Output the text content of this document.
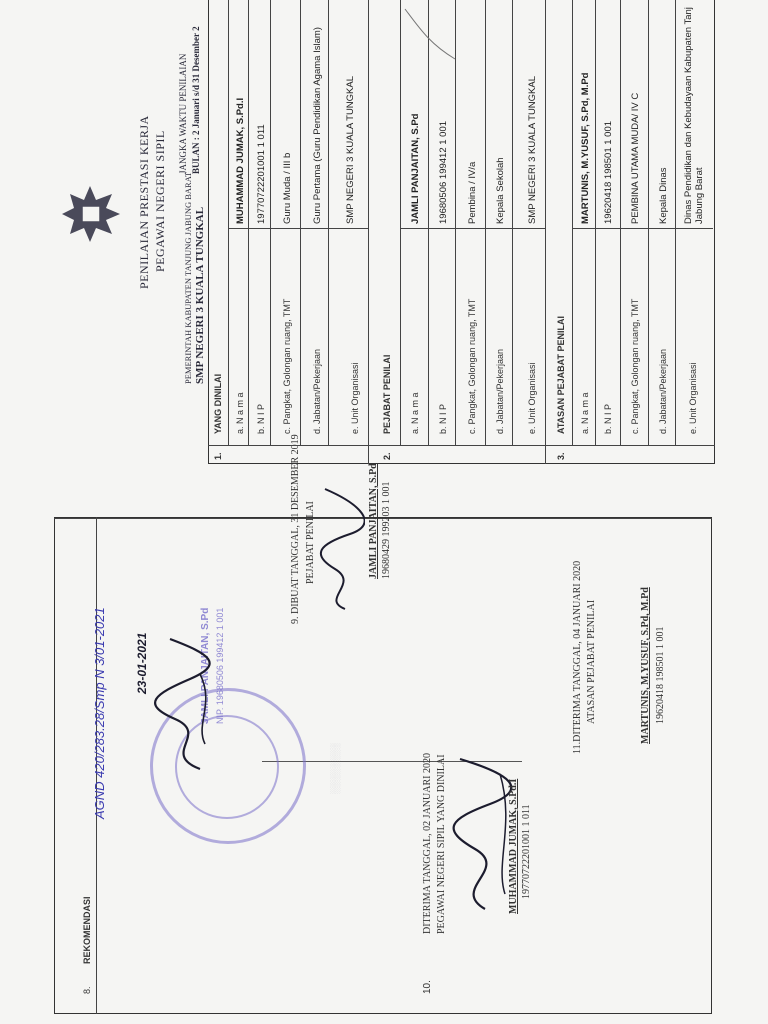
8.
REKOMENDASI
░░░░░░░░
JAMLI PANJAITAN, S.Pd NIP. 19680506 199412 1 001
AGND 420/283.28/Smp N 3/01-2021 23-01-2021
9. DIBUAT TANGGAL, 31 DESEMBER 2019 PEJABAT PENILAI	JAMLI PANJAITAN, S.Pd 19680429 199203 1 001
10.
DITERIMA TANGGAL, 02 JANUARI 2020 PEGAWAI NEGERI SIPIL YANG DINILAI	MUHAMMAD JUMAK, S.Pd.I 19770722201001 1 011
11.DITERIMA TANGGAL, 04 JANUARI 2020 ATASAN PEJABAT PENILAI	MARTUNIS, M.YUSUF, S.Pd, M.Pd 19620418 198501 1 001
PENILAIAN PRESTASI KERJA PEGAWAI NEGERI SIPIL PEMERINTAH KABUPATEN TANJUNG JABUNG BARAT SMP NEGERI 3 KUALA TUNGKAL
JANGKA WAKTU PENILAIAN BULAN : 2 Januari s/d 31 Desember 2
1.
YANG DINILAI a. N a m a
MUHAMMAD JUMAK, S.Pd.I
b. N I P
19770722201001 1 011
c. Pangkat, Golongan ruang, TMT
Guru Muda / III b
d. Jabatan/Pekerjaan
Guru Pertama (Guru Pendidikan Agama Islam)
e. Unit Organisasi
SMP NEGERI 3 KUALA TUNGKAL
2.
PEJABAT PENILAI a. N a m a
JAMLI PANJAITAN, S.Pd
b. N I P
19680506 199412 1 001
c. Pangkat, Golongan ruang, TMT
Pembina / IV/a
d. Jabatan/Pekerjaan
Kepala Sekolah
e. Unit Organisasi
SMP NEGERI 3 KUALA TUNGKAL
3.
ATASAN PEJABAT PENILAI a. N a m a
MARTUNIS, M.YUSUF, S.Pd, M.Pd
b. N I P
19620418 198501 1 001
c. Pangkat, Golongan ruang, TMT
PEMBINA UTAMA MUDA/ IV C
d. Jabatan/Pekerjaan
Kepala Dinas
e. Unit Organisasi
Dinas Pendidikan dan Kebudayaan Kabupaten Tanj Jabung Barat
